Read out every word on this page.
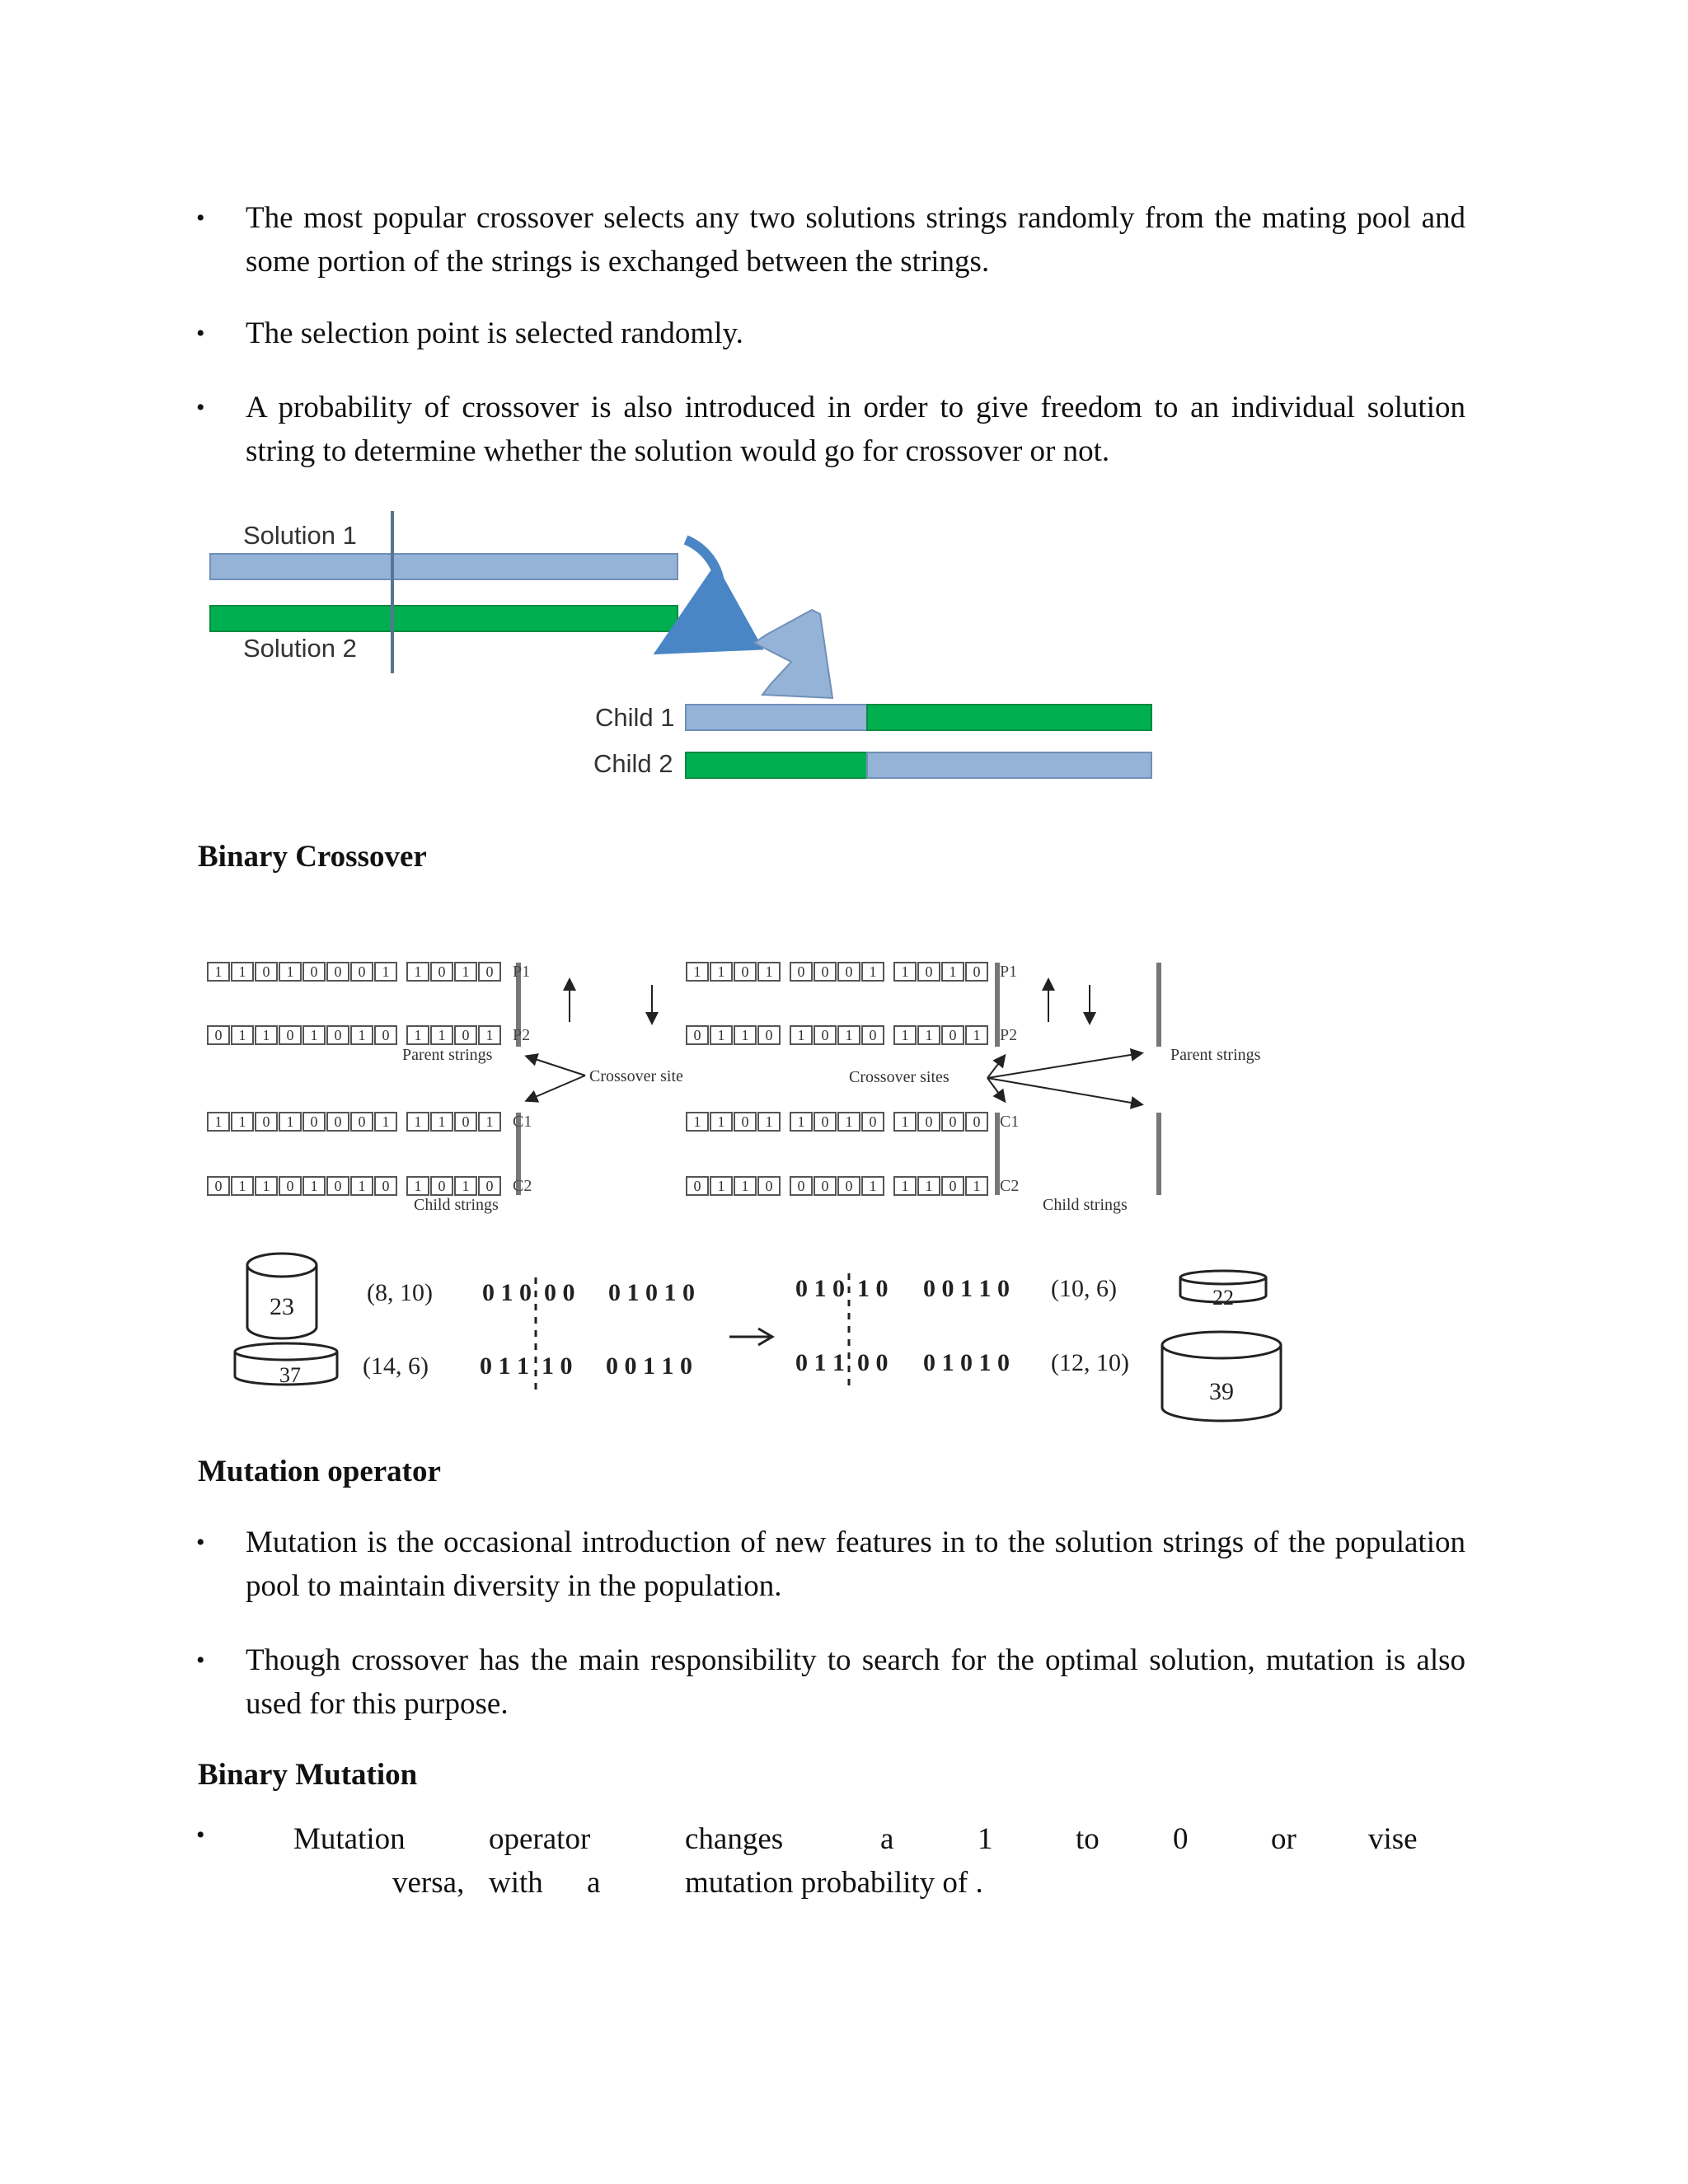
• The most popular crossover selects any two solutions strings randomly from the mating pool and some portion of the strings is exchanged between the strings.
• The selection point is selected randomly.
• A probability of crossover is also introduced in order to give freedom to an individual solution string to determine whether the solution would go for crossover or not.
Solution 1
Solution 2
Child 1
Child 2
Binary Crossover
Parent strings
Crossover site
Child strings
Crossover sites
Parent strings
Child strings
1 1 0 1 0 0 0 1 1 0 1 0 P1
0 1 1 0 1 0 1 0 1 1 0 1 P2
1 1 0 1 0 0 0 1 1 1 0 1 C1
0 1 1 0 1 0 1 0 1 0 1 0 C2
1 1 0 1 0 0 0 1 1 0 1 0 P1
0 1 1 0 1 0 1 0 1 1 0 1 P2
1 1 0 1 1 0 1 0 1 0 0 0 C1
0 1 1 0 0 0 0 1 1 1 0 1 C2
23
37
(8, 10) 0 1 0 0 0 0 1 0 1 0
(14, 6) 0 1 1 1 0 0 0 1 1 0
0 1 0 1 0 0 0 1 1 0 (10, 6)
0 1 1 0 0 0 1 0 1 0 (12, 10)
22
39
Mutation operator
• Mutation is the occasional introduction of new features in to the solution strings of the population pool to maintain diversity in the population.
• Though crossover has the main responsibility to search for the optimal solution, mutation is also used for this purpose.
Binary Mutation
•	Mutation	operator	changes	a	1	to 0	or vise
versa, with a	mutation probability of .
